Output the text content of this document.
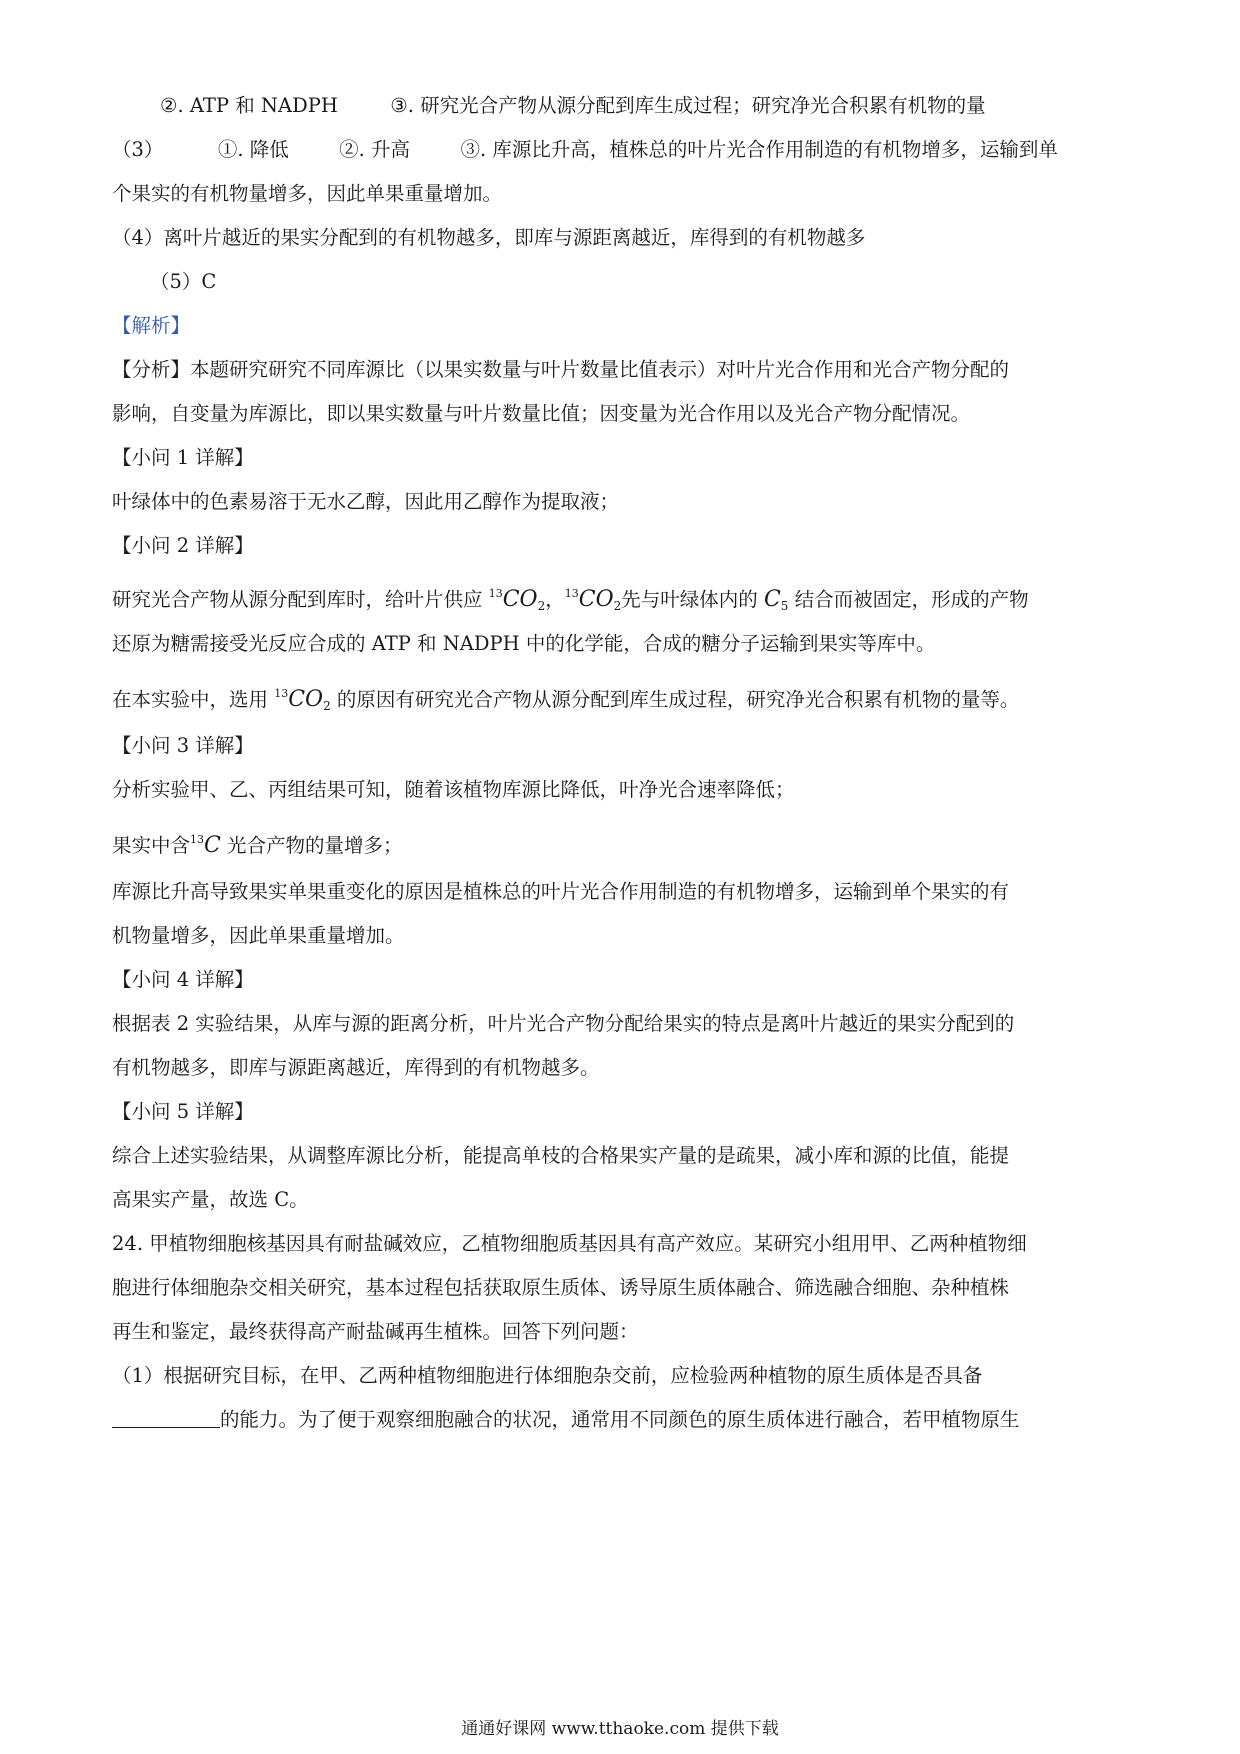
②. ATP 和 NADPH	③. 研究光合产物从源分配到库生成过程；研究净光合积累有机物的量
（3）	①. 降低	②. 升高	③. 库源比升高，植株总的叶片光合作用制造的有机物增多，运输到单
个果实的有机物量增多，因此单果重量增加。
（4）离叶片越近的果实分配到的有机物越多，即库与源距离越近，库得到的有机物越多
（5）C
【解析】
【分析】本题研究研究不同库源比（以果实数量与叶片数量比值表示）对叶片光合作用和光合产物分配的
影响，自变量为库源比，即以果实数量与叶片数量比值；因变量为光合作用以及光合产物分配情况。
【小问 1 详解】
叶绿体中的色素易溶于无水乙醇，因此用乙醇作为提取液；
【小问 2 详解】
研究光合产物从源分配到库时，给叶片供应 $^{13}CO_2$，$^{13}CO_2$先与叶绿体内的 $C_5$ 结合而被固定，形成的产物
还原为糖需接受光反应合成的 ATP 和 NADPH 中的化学能，合成的糖分子运输到果实等库中。
在本实验中，选用 $^{13}CO_2$ 的原因有研究光合产物从源分配到库生成过程，研究净光合积累有机物的量等。
【小问 3 详解】
分析实验甲、乙、丙组结果可知，随着该植物库源比降低，叶净光合速率降低；
果实中含$^{13}$C 光合产物的量增多；
库源比升高导致果实单果重变化的原因是植株总的叶片光合作用制造的有机物增多，运输到单个果实的有
机物量增多，因此单果重量增加。
【小问 4 详解】
根据表 2 实验结果，从库与源的距离分析，叶片光合产物分配给果实的特点是离叶片越近的果实分配到的
有机物越多，即库与源距离越近，库得到的有机物越多。
【小问 5 详解】
综合上述实验结果，从调整库源比分析，能提高单枝的合格果实产量的是疏果，减小库和源的比值，能提
高果实产量，故选 C。
24. 甲植物细胞核基因具有耐盐碱效应，乙植物细胞质基因具有高产效应。某研究小组用甲、乙两种植物细
胞进行体细胞杂交相关研究，基本过程包括获取原生质体、诱导原生质体融合、筛选融合细胞、杂种植株
再生和鉴定，最终获得高产耐盐碱再生植株。回答下列问题：
（1）根据研究目标，在甲、乙两种植物细胞进行体细胞杂交前，应检验两种植物的原生质体是否具备
的能力。为了便于观察细胞融合的状况，通常用不同颜色的原生质体进行融合，若甲植物原生
通通好课网 www.tthaoke.com 提供下载
